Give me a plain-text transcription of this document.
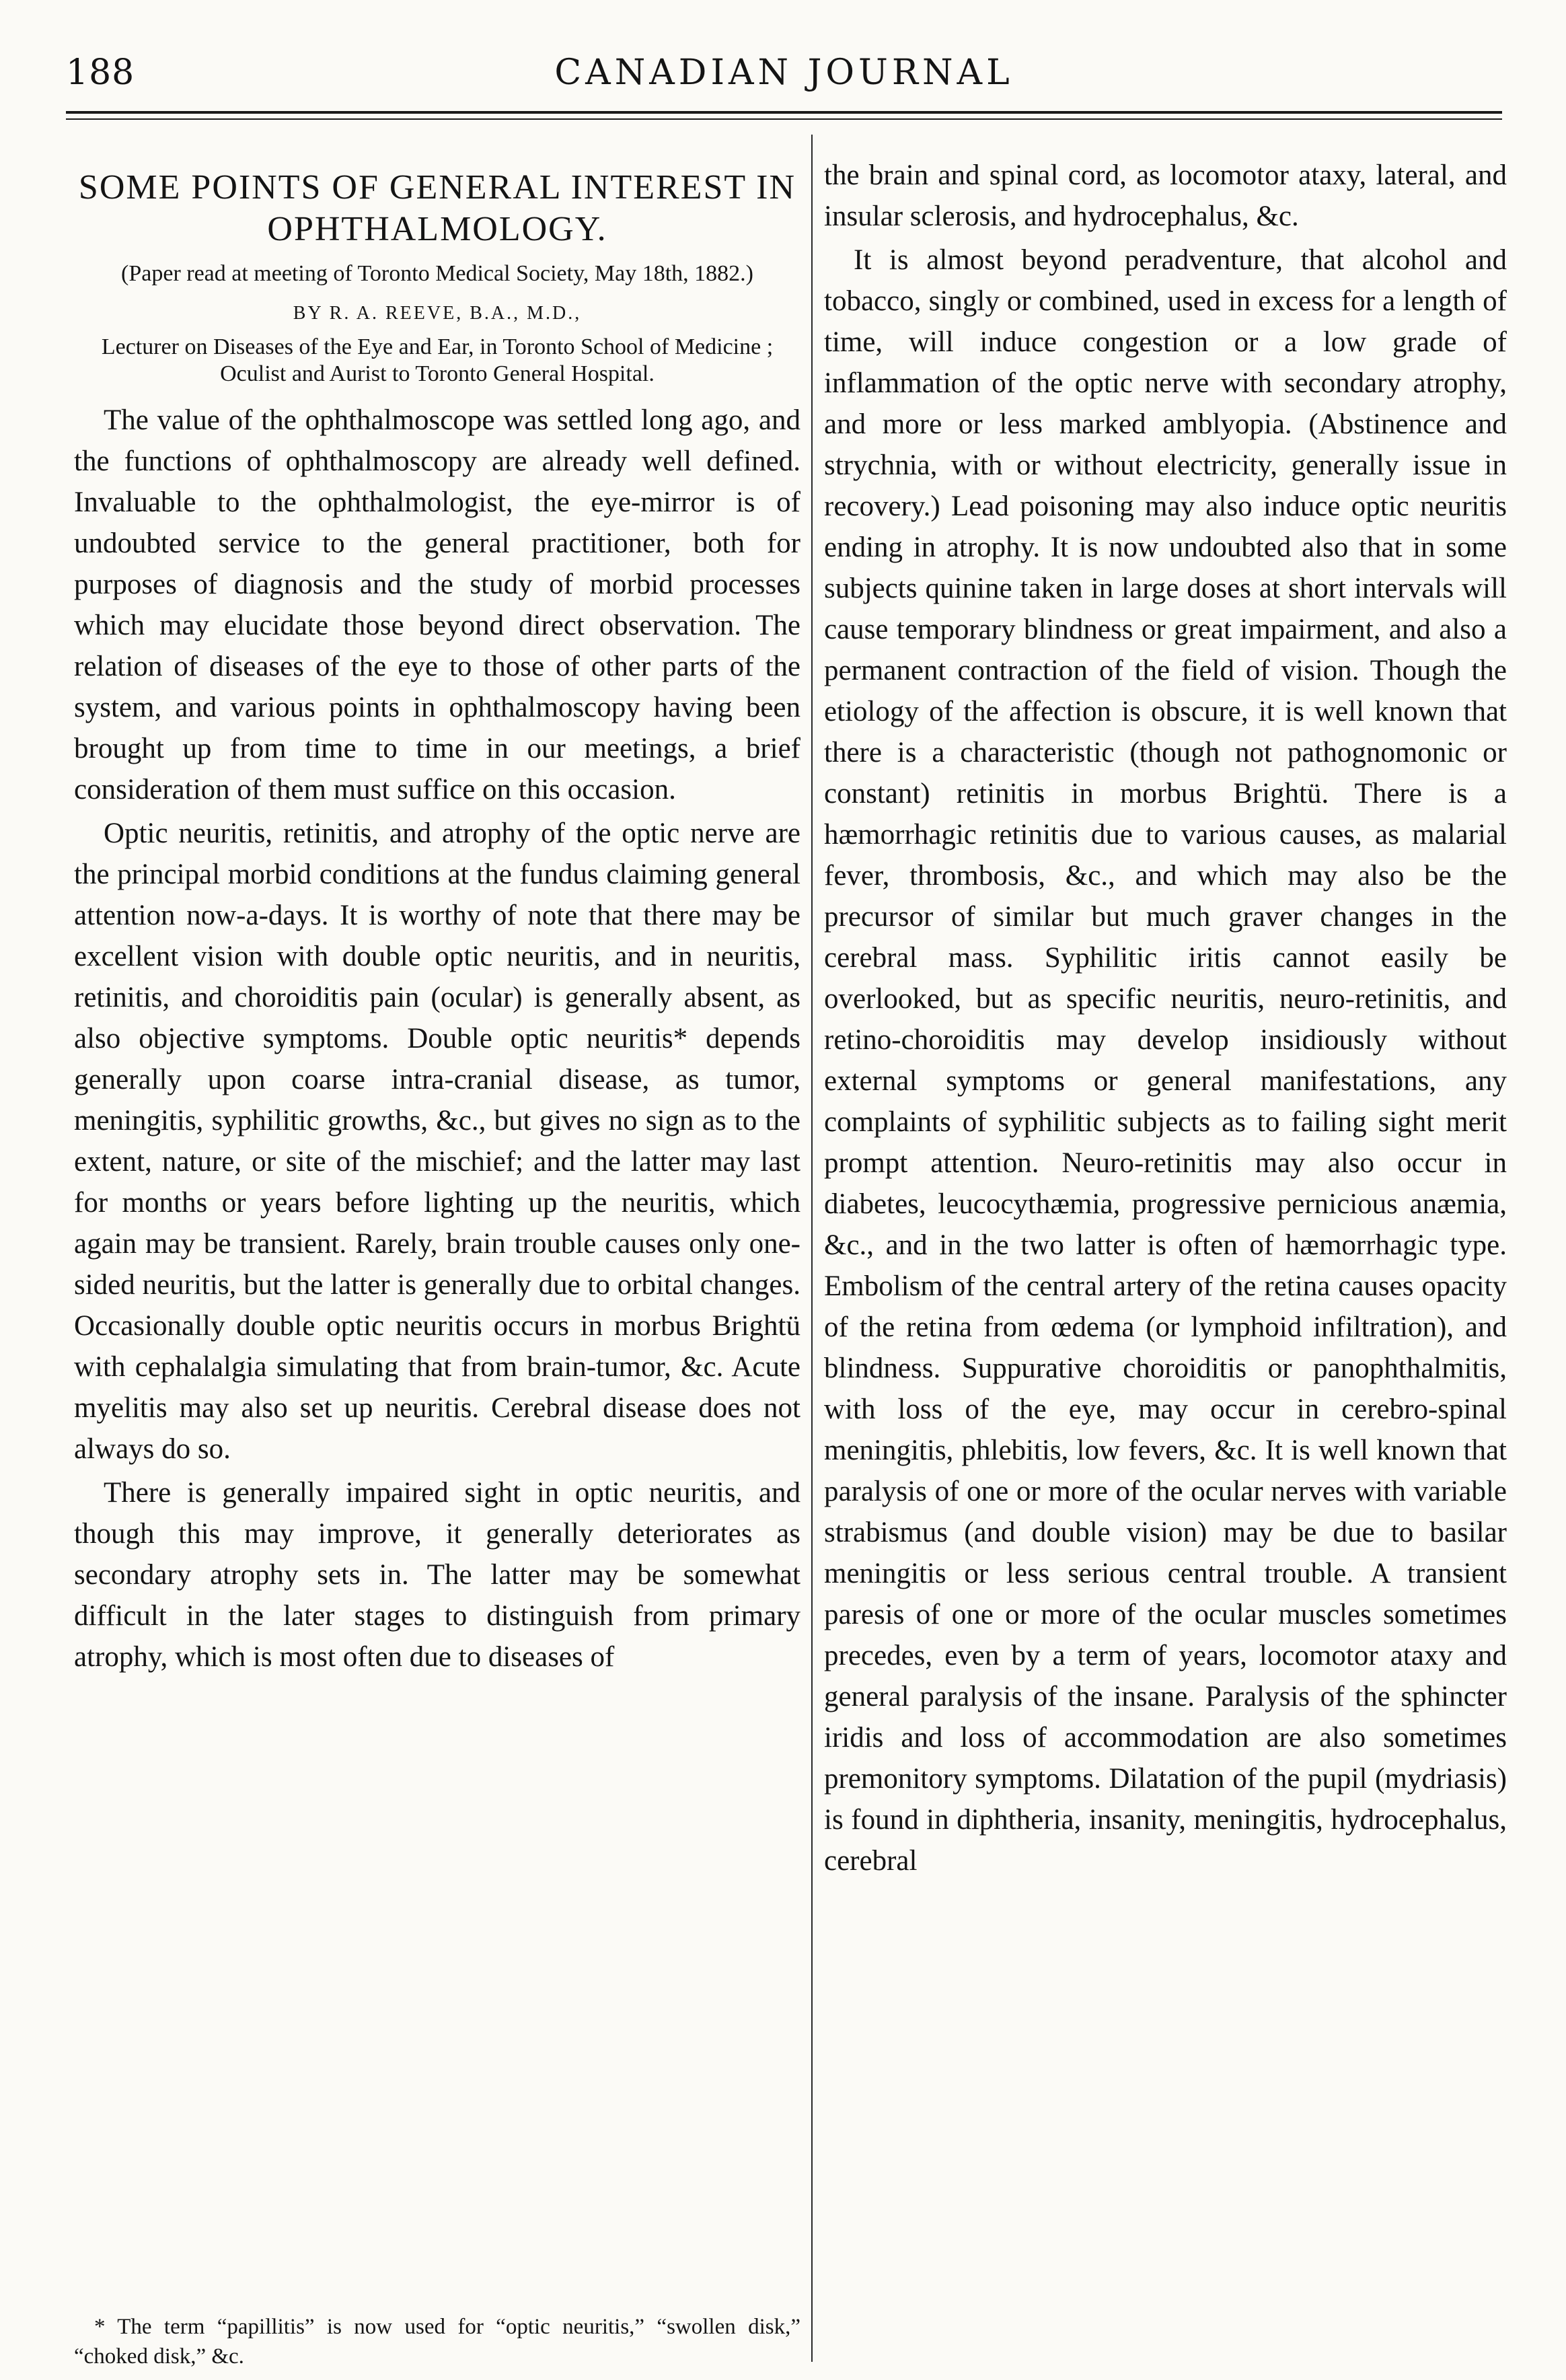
188	CANADIAN JOURNAL
SOME POINTS OF GENERAL INTEREST IN OPHTHALMOLOGY.
(Paper read at meeting of Toronto Medical Society, May 18th, 1882.)
BY R. A. REEVE, B.A., M.D.,
Lecturer on Diseases of the Eye and Ear, in Toronto School of Medicine ; Oculist and Aurist to Toronto General Hospital.

The value of the ophthalmoscope was settled long ago, and the functions of ophthalmoscopy are already well defined. Invaluable to the ophthalmologist, the eye-mirror is of undoubted service to the general practitioner, both for purposes of diagnosis and the study of morbid processes which may elucidate those beyond direct observation. The relation of diseases of the eye to those of other parts of the system, and various points in ophthalmoscopy having been brought up from time to time in our meetings, a brief consideration of them must suffice on this occasion.

Optic neuritis, retinitis, and atrophy of the optic nerve are the principal morbid conditions at the fundus claiming general attention now-a-days. It is worthy of note that there may be excellent vision with double optic neuritis, and in neuritis, retinitis, and choroiditis pain (ocular) is generally absent, as also objective symptoms. Double optic neuritis* depends generally upon coarse intra-cranial disease, as tumor, meningitis, syphilitic growths, &c., but gives no sign as to the extent, nature, or site of the mischief; and the latter may last for months or years before lighting up the neuritis, which again may be transient. Rarely, brain trouble causes only one-sided neuritis, but the latter is generally due to orbital changes. Occasionally double optic neuritis occurs in morbus Brightü with cephalalgia simulating that from brain-tumor, &c. Acute myelitis may also set up neuritis. Cerebral disease does not always do so.

There is generally impaired sight in optic neuritis, and though this may improve, it generally deteriorates as secondary atrophy sets in. The latter may be somewhat difficult in the later stages to distinguish from primary atrophy, which is most often due to diseases of

* The term “papillitis” is now used for “optic neuritis,” “swollen disk,” “choked disk,” &c.

the brain and spinal cord, as locomotor ataxy, lateral, and insular sclerosis, and hydrocephalus, &c.

It is almost beyond peradventure, that alcohol and tobacco, singly or combined, used in excess for a length of time, will induce congestion or a low grade of inflammation of the optic nerve with secondary atrophy, and more or less marked amblyopia. (Abstinence and strychnia, with or without electricity, generally issue in recovery.) Lead poisoning may also induce optic neuritis ending in atrophy. It is now undoubted also that in some subjects quinine taken in large doses at short intervals will cause temporary blindness or great impairment, and also a permanent contraction of the field of vision. Though the etiology of the affection is obscure, it is well known that there is a characteristic (though not pathognomonic or constant) retinitis in morbus Brightü. There is a hæmorrhagic retinitis due to various causes, as malarial fever, thrombosis, &c., and which may also be the precursor of similar but much graver changes in the cerebral mass. Syphilitic iritis cannot easily be overlooked, but as specific neuritis, neuro-retinitis, and retino-choroiditis may develop insidiously without external symptoms or general manifestations, any complaints of syphilitic subjects as to failing sight merit prompt attention. Neuro-retinitis may also occur in diabetes, leucocythæmia, progressive pernicious anæmia, &c., and in the two latter is often of hæmorrhagic type. Embolism of the central artery of the retina causes opacity of the retina from œdema (or lymphoid infiltration), and blindness. Suppurative choroiditis or panophthalmitis, with loss of the eye, may occur in cerebro-spinal meningitis, phlebitis, low fevers, &c. It is well known that paralysis of one or more of the ocular nerves with variable strabismus (and double vision) may be due to basilar meningitis or less serious central trouble. A transient paresis of one or more of the ocular muscles sometimes precedes, even by a term of years, locomotor ataxy and general paralysis of the insane. Paralysis of the sphincter iridis and loss of accommodation are also sometimes premonitory symptoms. Dilatation of the pupil (mydriasis) is found in diphtheria, insanity, meningitis, hydrocephalus, cerebral
